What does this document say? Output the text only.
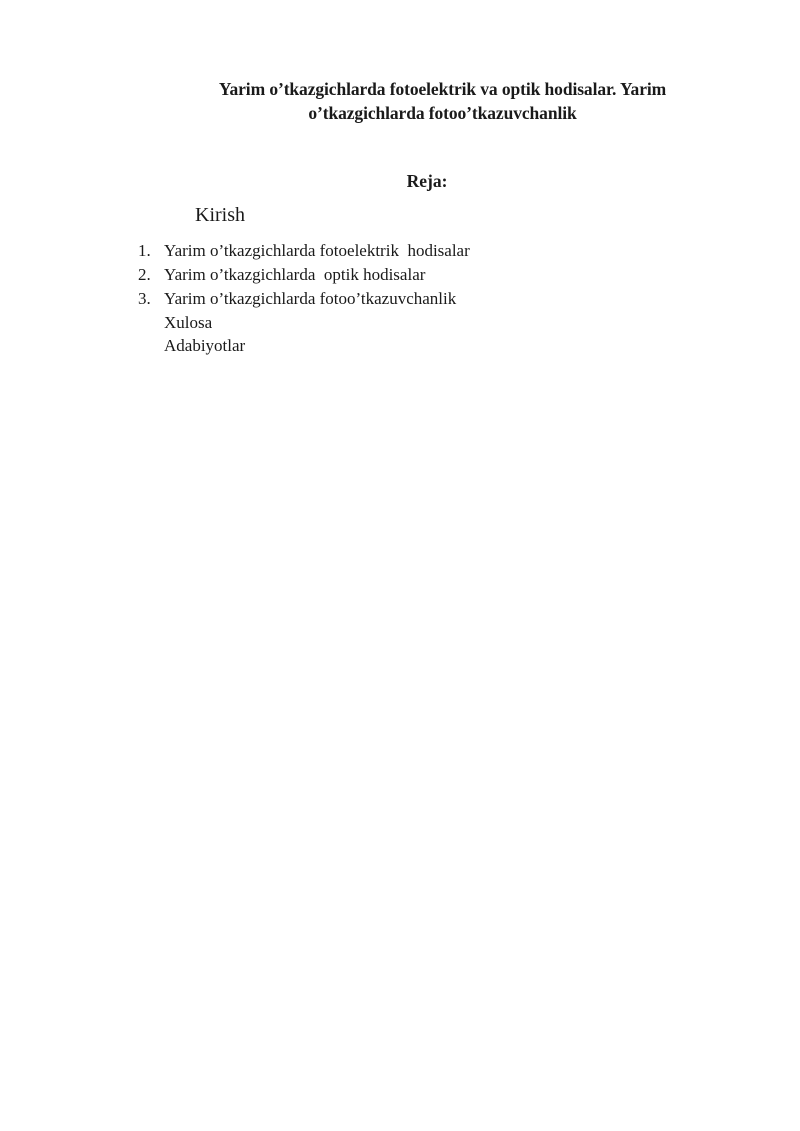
Yarim o’tkazgichlarda fotoelektrik va optik hodisalar. Yarim o’tkazgichlarda fotoo’tkazuvchanlik
Reja:
Kirish
1. Yarim o’tkazgichlarda fotoelektrik  hodisalar
2. Yarim o’tkazgichlarda  optik hodisalar
3. Yarim o’tkazgichlarda fotoo’tkazuvchanlik
Xulosa
Adabiyotlar
